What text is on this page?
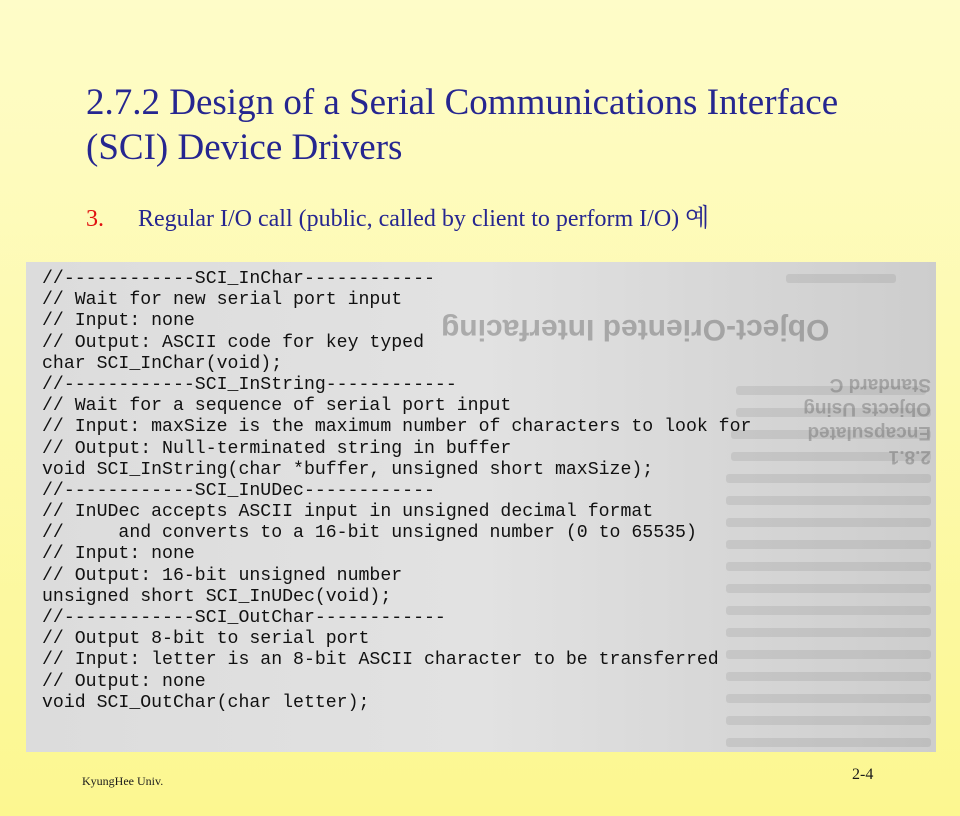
2.7.2 Design of a Serial Communications Interface (SCI) Device Drivers
3. Regular I/O call (public, called by client to perform I/O) 예
Object-Oriented Interfacing
2.8.1 Encapsulated Objects Using Standard C
//------------SCI_InChar------------
// Wait for new serial port input
// Input: none
// Output: ASCII code for key typed
char SCI_InChar(void);
//------------SCI_InString------------
// Wait for a sequence of serial port input
// Input: maxSize is the maximum number of characters to look for
// Output: Null-terminated string in buffer
void SCI_InString(char *buffer, unsigned short maxSize);
//------------SCI_InUDec------------
// InUDec accepts ASCII input in unsigned decimal format
//     and converts to a 16-bit unsigned number (0 to 65535)
// Input: none
// Output: 16-bit unsigned number
unsigned short SCI_InUDec(void);
//------------SCI_OutChar------------
// Output 8-bit to serial port
// Input: letter is an 8-bit ASCII character to be transferred
// Output: none
void SCI_OutChar(char letter);
KyungHee Univ.	2-4
